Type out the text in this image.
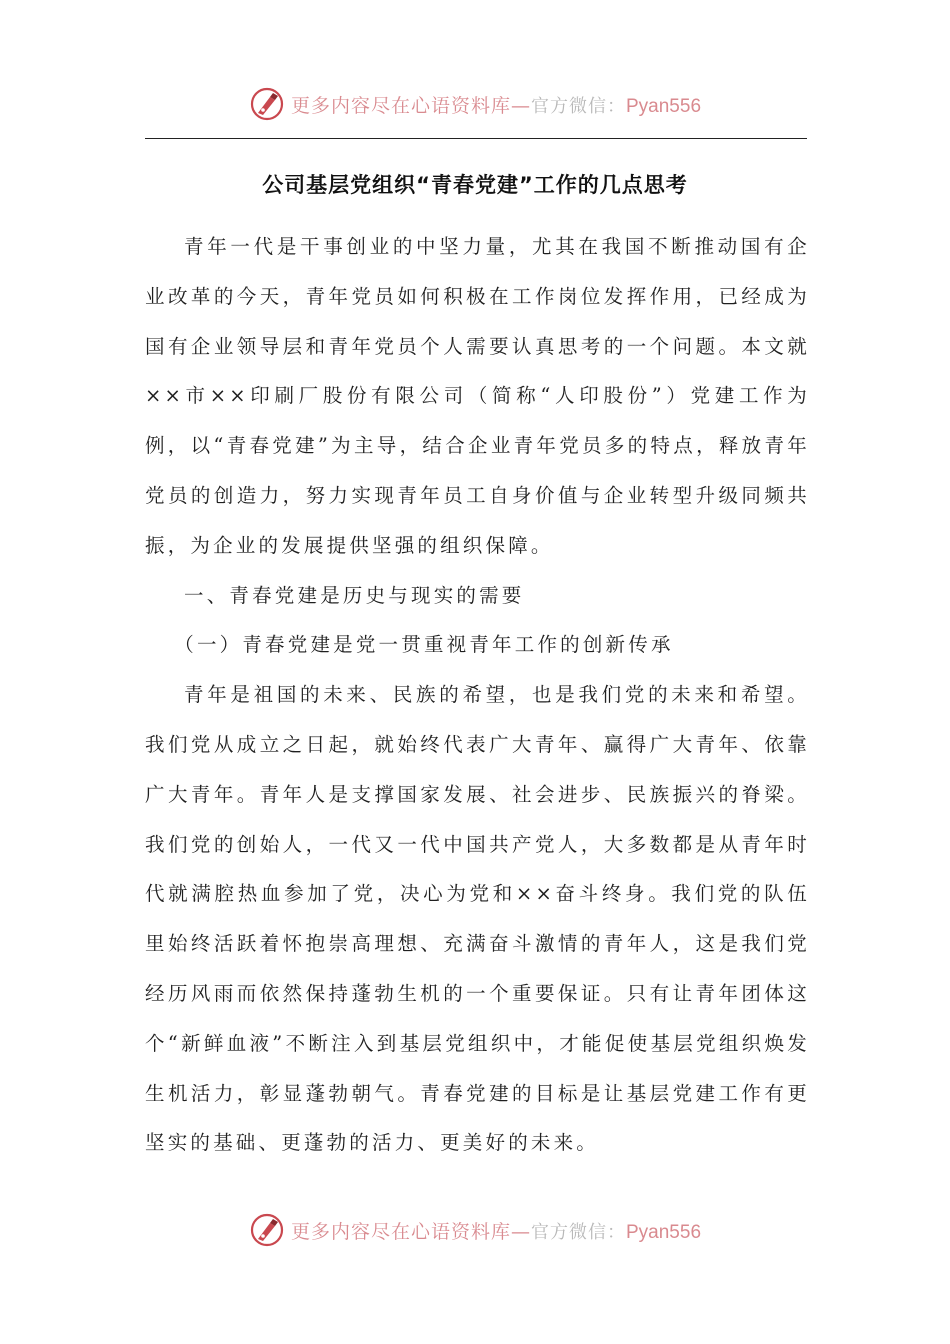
更多内容尽在心语资料库—官方微信：Pyan556
公司基层党组织“青春党建”工作的几点思考

青年一代是干事创业的中坚力量，尤其在我国不断推动国有企业改革的今天，青年党员如何积极在工作岗位发挥作用，已经成为国有企业领导层和青年党员个人需要认真思考的一个问题。本文就××市××印刷厂股份有限公司（简称“人印股份”）党建工作为例，以“青春党建”为主导，结合企业青年党员多的特点，释放青年党员的创造力，努力实现青年员工自身价值与企业转型升级同频共振，为企业的发展提供坚强的组织保障。

一、青春党建是历史与现实的需要

（一）青春党建是党一贯重视青年工作的创新传承

青年是祖国的未来、民族的希望，也是我们党的未来和希望。我们党从成立之日起，就始终代表广大青年、赢得广大青年、依靠广大青年。青年人是支撑国家发展、社会进步、民族振兴的脊梁。我们党的创始人，一代又一代中国共产党人，大多数都是从青年时代就满腔热血参加了党，决心为党和××奋斗终身。我们党的队伍里始终活跃着怀抱崇高理想、充满奋斗激情的青年人，这是我们党经历风雨而依然保持蓬勃生机的一个重要保证。只有让青年团体这个“新鲜血液”不断注入到基层党组织中，才能促使基层党组织焕发生机活力，彰显蓬勃朝气。青春党建的目标是让基层党建工作有更坚实的基础、更蓬勃的活力、更美好的未来。

更多内容尽在心语资料库—官方微信：Pyan556
